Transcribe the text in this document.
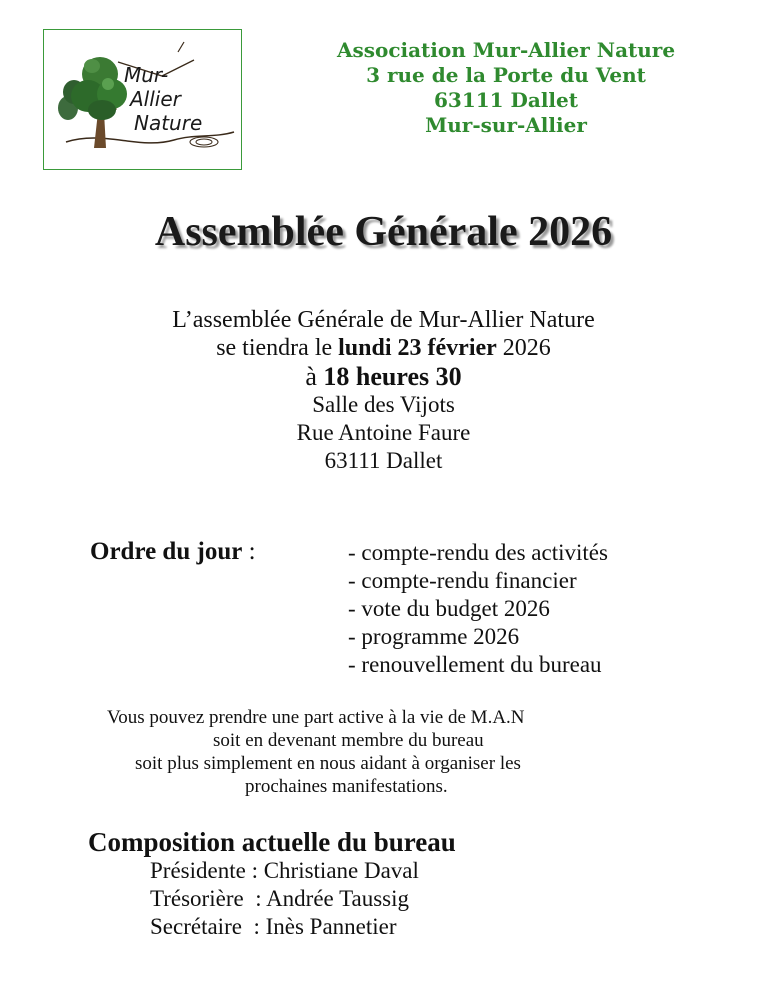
Mur-
Allier
Nature
Association Mur-Allier Nature
3 rue de la Porte du Vent
63111 Dallet
Mur-sur-Allier
Assemblée Générale 2026
L’assemblée Générale de Mur-Allier Nature
se tiendra le lundi 23 février 2026
à 18 heures 30
Salle des Vijots
Rue Antoine Faure
63111 Dallet
Ordre du jour :	- compte-rendu des activités
- compte-rendu financier
- vote du budget 2026
- programme 2026
- renouvellement du bureau
Vous pouvez prendre une part active à la vie de M.A.N
soit en devenant membre du bureau
soit plus simplement en nous aidant à organiser les
prochaines manifestations.
Composition actuelle du bureau
Présidente : Christiane Daval
Trésorière  : Andrée Taussig
Secrétaire  : Inès Pannetier
